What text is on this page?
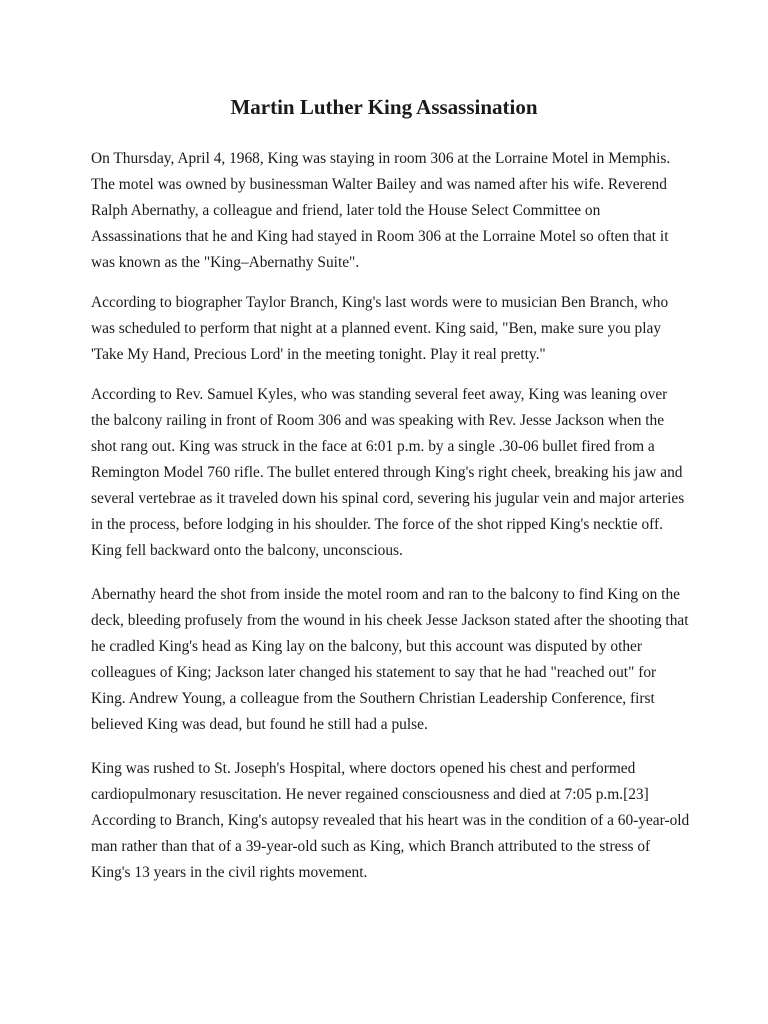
Martin Luther King Assassination

On Thursday, April 4, 1968, King was staying in room 306 at the Lorraine Motel in Memphis.
The motel was owned by businessman Walter Bailey and was named after his wife. Reverend
Ralph Abernathy, a colleague and friend, later told the House Select Committee on
Assassinations that he and King had stayed in Room 306 at the Lorraine Motel so often that it
was known as the "King–Abernathy Suite".

According to biographer Taylor Branch, King's last words were to musician Ben Branch, who
was scheduled to perform that night at a planned event. King said, "Ben, make sure you play
'Take My Hand, Precious Lord' in the meeting tonight. Play it real pretty."

According to Rev. Samuel Kyles, who was standing several feet away, King was leaning over
the balcony railing in front of Room 306 and was speaking with Rev. Jesse Jackson when the
shot rang out. King was struck in the face at 6:01 p.m. by a single .30-06 bullet fired from a
Remington Model 760 rifle. The bullet entered through King's right cheek, breaking his jaw and
several vertebrae as it traveled down his spinal cord, severing his jugular vein and major arteries
in the process, before lodging in his shoulder. The force of the shot ripped King's necktie off.
King fell backward onto the balcony, unconscious.

Abernathy heard the shot from inside the motel room and ran to the balcony to find King on the
deck, bleeding profusely from the wound in his cheek Jesse Jackson stated after the shooting that
he cradled King's head as King lay on the balcony, but this account was disputed by other
colleagues of King; Jackson later changed his statement to say that he had "reached out" for
King. Andrew Young, a colleague from the Southern Christian Leadership Conference, first
believed King was dead, but found he still had a pulse.

King was rushed to St. Joseph's Hospital, where doctors opened his chest and performed
cardiopulmonary resuscitation. He never regained consciousness and died at 7:05 p.m.[23]
According to Branch, King's autopsy revealed that his heart was in the condition of a 60-year-old
man rather than that of a 39-year-old such as King, which Branch attributed to the stress of
King's 13 years in the civil rights movement.
